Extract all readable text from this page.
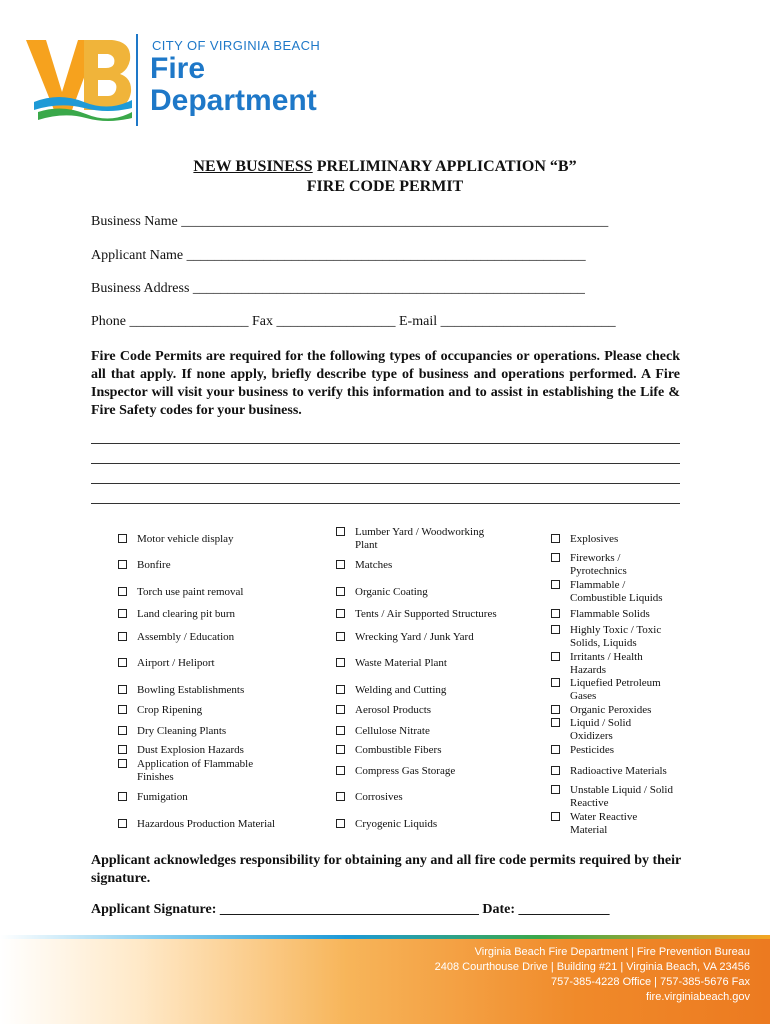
CITY OF VIRGINIA BEACH
Fire
Department
NEW BUSINESS PRELIMINARY APPLICATION “B”
FIRE CODE PERMIT
Business Name _____________________________________________________________
Applicant Name _________________________________________________________
Business Address ________________________________________________________
Phone _________________ Fax _________________ E-mail _________________________
Fire Code Permits are required for the following types of occupancies or operations. Please check all that apply. If none apply, briefly describe type of business and operations performed. A Fire Inspector will visit your business to verify this information and to assist in establishing the Life & Fire Safety codes for your business.
Motor vehicle display
Bonfire
Torch use paint removal
Land clearing pit burn
Assembly / Education
Airport / Heliport
Bowling Establishments
Crop Ripening
Dry Cleaning Plants
Dust Explosion Hazards
Application of Flammable Finishes
Fumigation
Hazardous Production Material
Lumber Yard / Woodworking Plant
Matches
Organic Coating
Tents / Air Supported Structures
Wrecking Yard / Junk Yard
Waste Material Plant
Welding and Cutting
Aerosol Products
Cellulose Nitrate
Combustible Fibers
Compress Gas Storage
Corrosives
Cryogenic Liquids
Explosives
Fireworks / Pyrotechnics
Flammable / Combustible Liquids
Flammable Solids
Highly Toxic / Toxic Solids, Liquids
Irritants / Health Hazards
Liquefied Petroleum Gases
Organic Peroxides
Liquid / Solid Oxidizers
Pesticides
Radioactive Materials
Unstable Liquid / Solid Reactive
Water Reactive Material
Applicant acknowledges responsibility for obtaining any and all fire code permits required by their signature.
Applicant Signature: _____________________________________ Date: _____________
Virginia Beach Fire Department | Fire Prevention Bureau
2408 Courthouse Drive | Building #21 | Virginia Beach, VA 23456
757-385-4228 Office | 757-385-5676 Fax
fire.virginiabeach.gov
